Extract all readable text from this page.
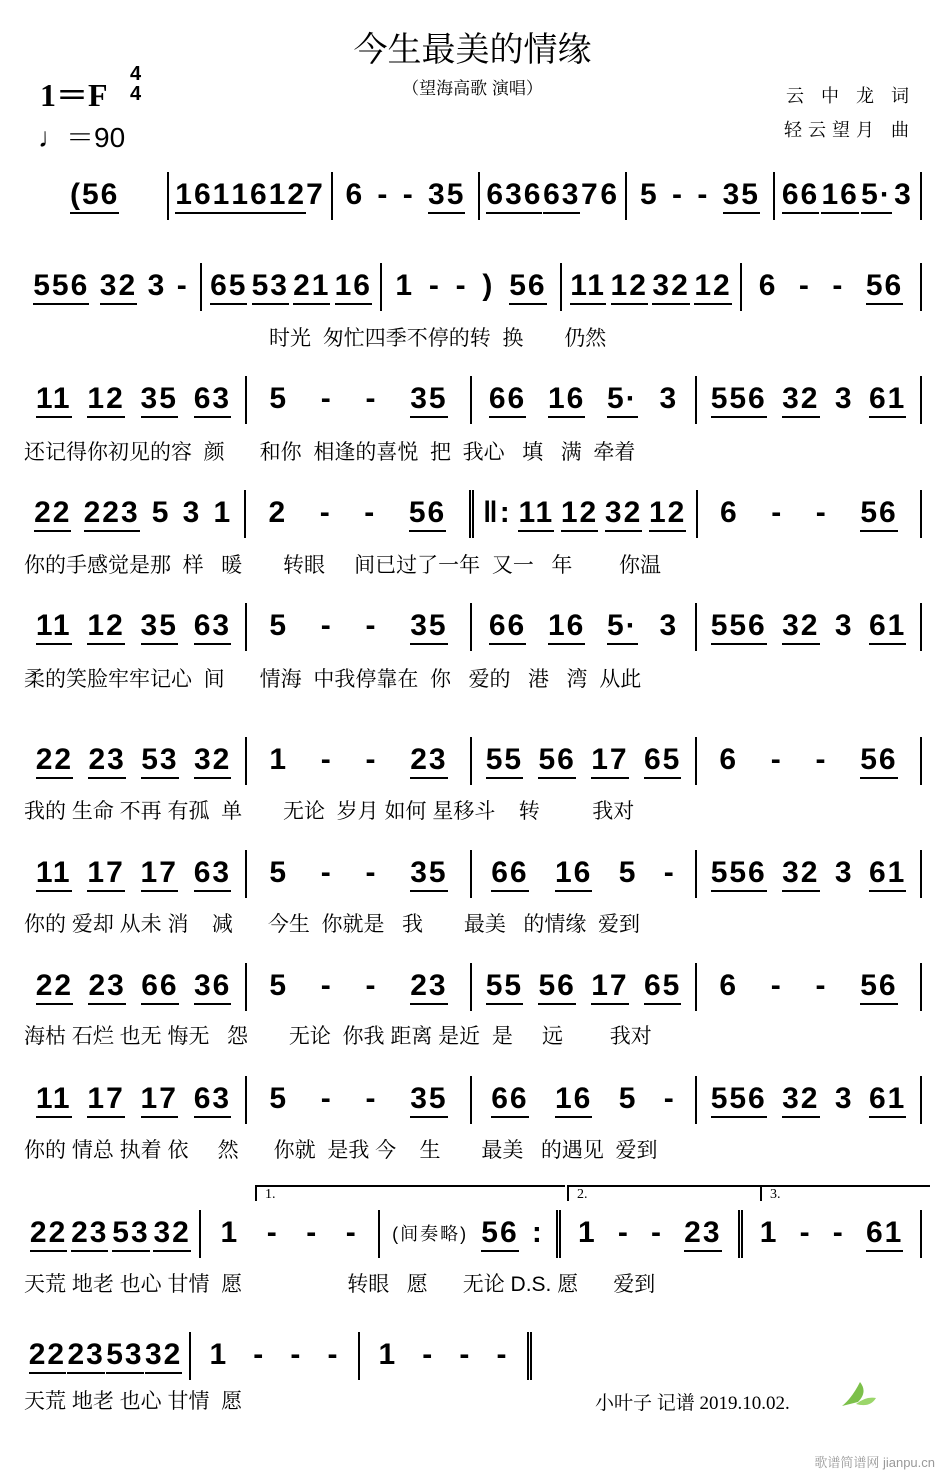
今生最美的情缘
（望海高歌 演唱）
1＝F
4
4
♩＝90
云 中 龙 词
轻云望月 曲
(56 161 16 12 7 6 - - 35 636 63 7 6 5 - - 35 66 16 5· 3
556 32 3 - 65 53 21 16 1 - - ) 56 11 12 32 12 6 - - 56
时光  匆忙四季不停的转  换       仍然
11 12 35 63 5 - - 35 66 16 5· 3 556 32 3 61
还记得你初见的容  颜      和你  相逢的喜悦  把  我心   填   满  牵着
22 223 5 3 1 2 - - 56 ‖: 11 12 32 12 6 - - 56
你的手感觉是那  样   暖       转眼     间已过了一年  又一   年        你温
11 12 35 63 5 - - 35 66 16 5· 3 556 32 3 61
柔的笑脸牢牢记心  间      情海  中我停靠在  你   爱的   港   湾  从此
22 23 53 32 1 - - 23 55 56 17 65 6 - - 56
我的 生命 不再 有孤  单       无论  岁月 如何 星移斗    转         我对
11 17 17 63 5 - - 35 66 16 5 - 556 32 3 61
你的 爱却 从未 消    减      今生  你就是   我       最美   的情缘  爱到
22 23 66 36 5 - - 23 55 56 17 65 6 - - 56
海枯 石烂 也无 悔无   怨       无论  你我 距离 是近  是     远        我对
11 17 17 63 5 - - 35 66 16 5 - 556 32 3 61
你的 情总 执着 依     然      你就  是我 今    生       最美   的遇见  爱到
22 23 53 32 1 - - - (间奏略) 56 : 1 - - 23 1 - - 61
天荒 地老 也心 甘情  愿                  转眼   愿      无论 D.S. 愿      爱到
22 23 53 32 1 - - - 1 - - -
天荒 地老 也心 甘情  愿
1.	2.	3.
小叶子 记谱 2019.10.02.
歌谱简谱网 jianpu.cn
